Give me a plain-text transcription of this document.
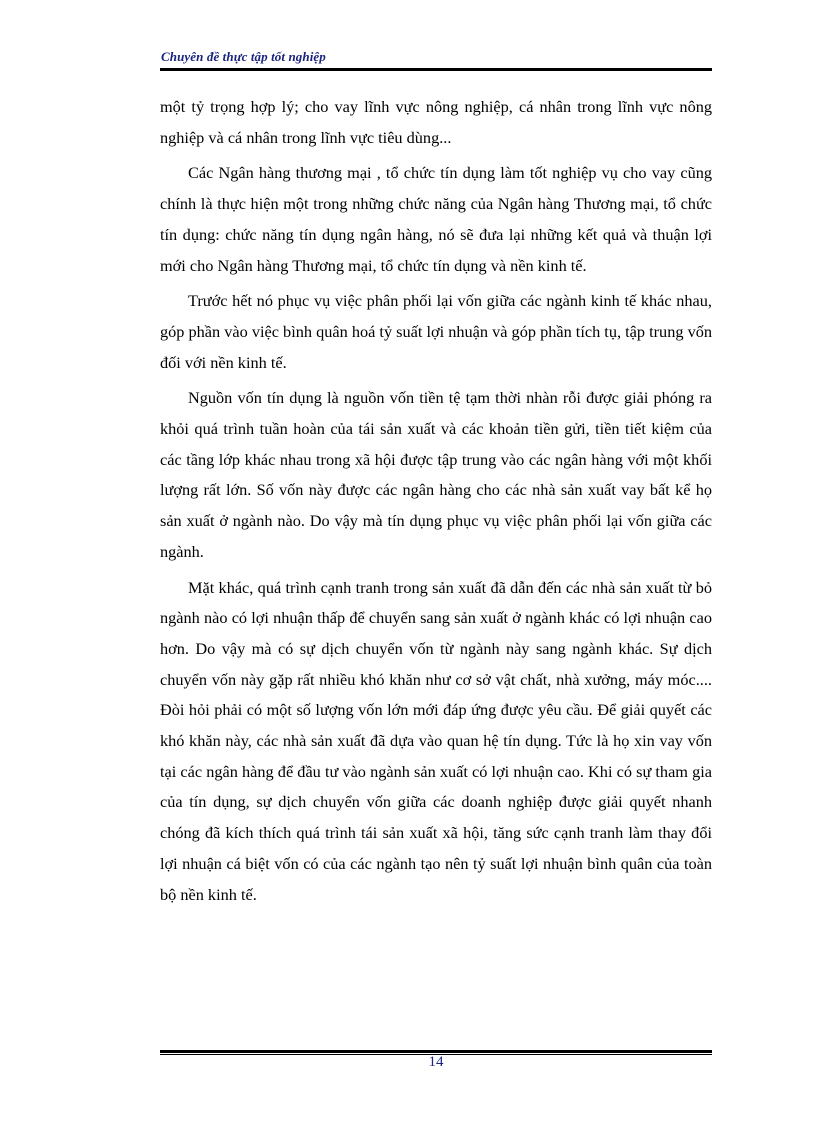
Chuyên đề thực tập tốt nghiệp

một tỷ trọng hợp lý; cho vay lĩnh vực nông nghiệp, cá nhân trong lĩnh vực nông nghiệp và cá nhân trong lĩnh vực tiêu dùng...

Các Ngân hàng thương mại , tổ chức tín dụng làm tốt nghiệp vụ cho vay cũng chính là thực hiện một trong những chức năng của Ngân hàng Thương mại, tổ chức tín dụng: chức năng tín dụng ngân hàng, nó sẽ đưa lại những kết quả và thuận lợi mới cho Ngân hàng Thương mại, tổ chức tín dụng và nền kinh tế.

Trước hết nó phục vụ việc phân phối lại vốn giữa các ngành kinh tế khác nhau, góp phần vào việc bình quân hoá tỷ suất lợi nhuận và góp phần tích tụ, tập trung vốn đối với nền kinh tế.

Nguồn vốn tín dụng là nguồn vốn tiền tệ tạm thời nhàn rỗi được giải phóng ra khỏi quá trình tuần hoàn của tái sản xuất và các khoản tiền gửi, tiền tiết kiệm của các tầng lớp khác nhau trong xã hội được tập trung vào các ngân hàng với một khối lượng rất lớn. Số vốn này được các ngân hàng cho các nhà sản xuất vay bất kể họ sản xuất ở ngành nào. Do vậy mà tín dụng phục vụ việc phân phối lại vốn giữa các ngành.

Mặt khác, quá trình cạnh tranh trong sản xuất đã dẫn đến các nhà sản xuất từ bỏ ngành nào có lợi nhuận thấp để chuyển sang sản xuất ở ngành khác có lợi nhuận cao hơn. Do vậy mà có sự dịch chuyển vốn từ ngành này sang ngành khác. Sự dịch chuyển vốn này gặp rất nhiều khó khăn như cơ sở vật chất, nhà xưởng, máy móc.... Đòi hỏi phải có một số lượng vốn lớn mới đáp ứng được yêu cầu. Để giải quyết các khó khăn này, các nhà sản xuất đã dựa vào quan hệ tín dụng. Tức là họ xin vay vốn tại các ngân hàng để đầu tư vào ngành sản xuất có lợi nhuận cao. Khi có sự tham gia của tín dụng, sự dịch chuyển vốn giữa các doanh nghiệp được giải quyết nhanh chóng đã kích thích quá trình tái sản xuất xã hội, tăng sức cạnh tranh làm thay đổi lợi nhuận cá biệt vốn có của các ngành tạo nên tỷ suất lợi nhuận bình quân của toàn bộ nền kinh tế.

14
